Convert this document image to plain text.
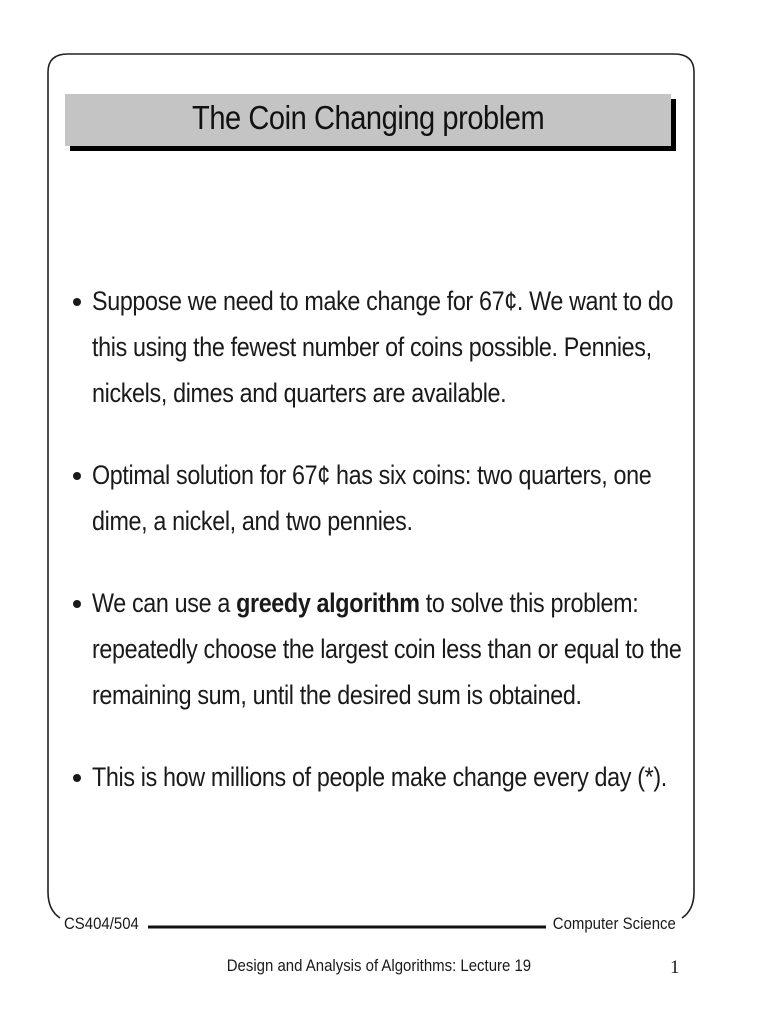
The Coin Changing problem
Suppose we need to make change for 67¢. We want to do this using the fewest number of coins possible. Pennies, nickels, dimes and quarters are available.
Optimal solution for 67¢ has six coins: two quarters, one dime, a nickel, and two pennies.
We can use a greedy algorithm to solve this problem: repeatedly choose the largest coin less than or equal to the remaining sum, until the desired sum is obtained.
This is how millions of people make change every day (*).
CS404/504	Computer Science
Design and Analysis of Algorithms: Lecture 19	1
